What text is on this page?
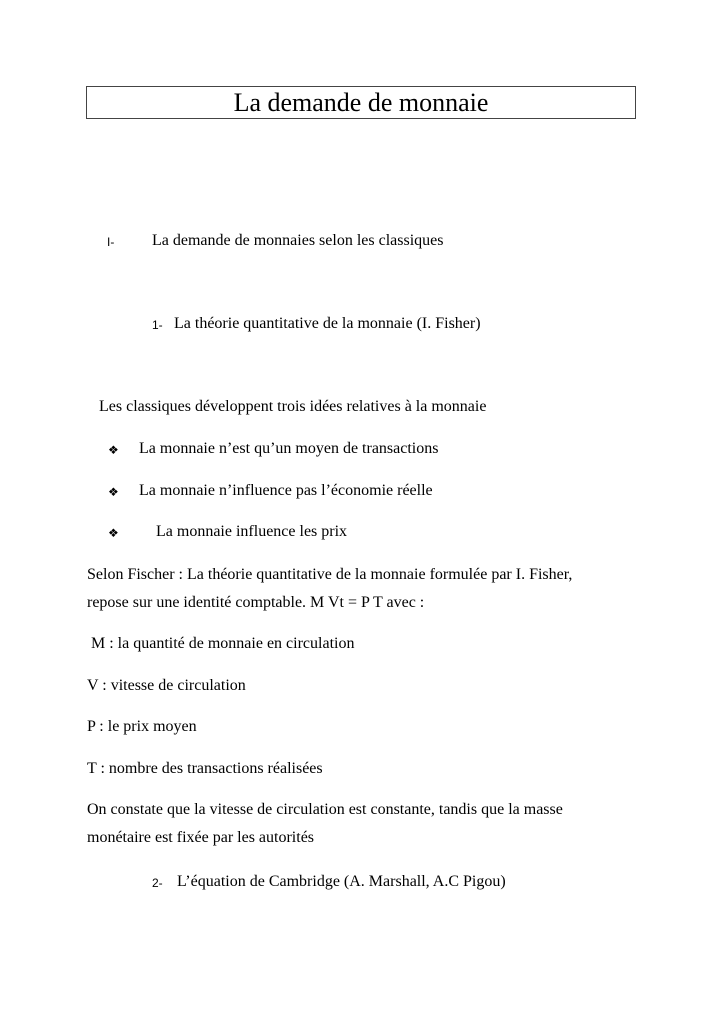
La demande de monnaie
I- La demande de monnaies selon les classiques
1- La théorie quantitative de la monnaie (I. Fisher)
Les classiques développent trois idées relatives à la monnaie
❖ La monnaie n’est qu’un moyen de transactions
❖ La monnaie n’influence pas l’économie réelle
❖ La monnaie influence les prix
Selon Fischer : La théorie quantitative de la monnaie formulée par I. Fisher,
repose sur une identité comptable. M Vt = P T avec :
M : la quantité de monnaie en circulation
V : vitesse de circulation
P : le prix moyen
T : nombre des transactions réalisées
On constate que la vitesse de circulation est constante, tandis que la masse
monétaire est fixée par les autorités
2- L’équation de Cambridge (A. Marshall, A.C Pigou)
